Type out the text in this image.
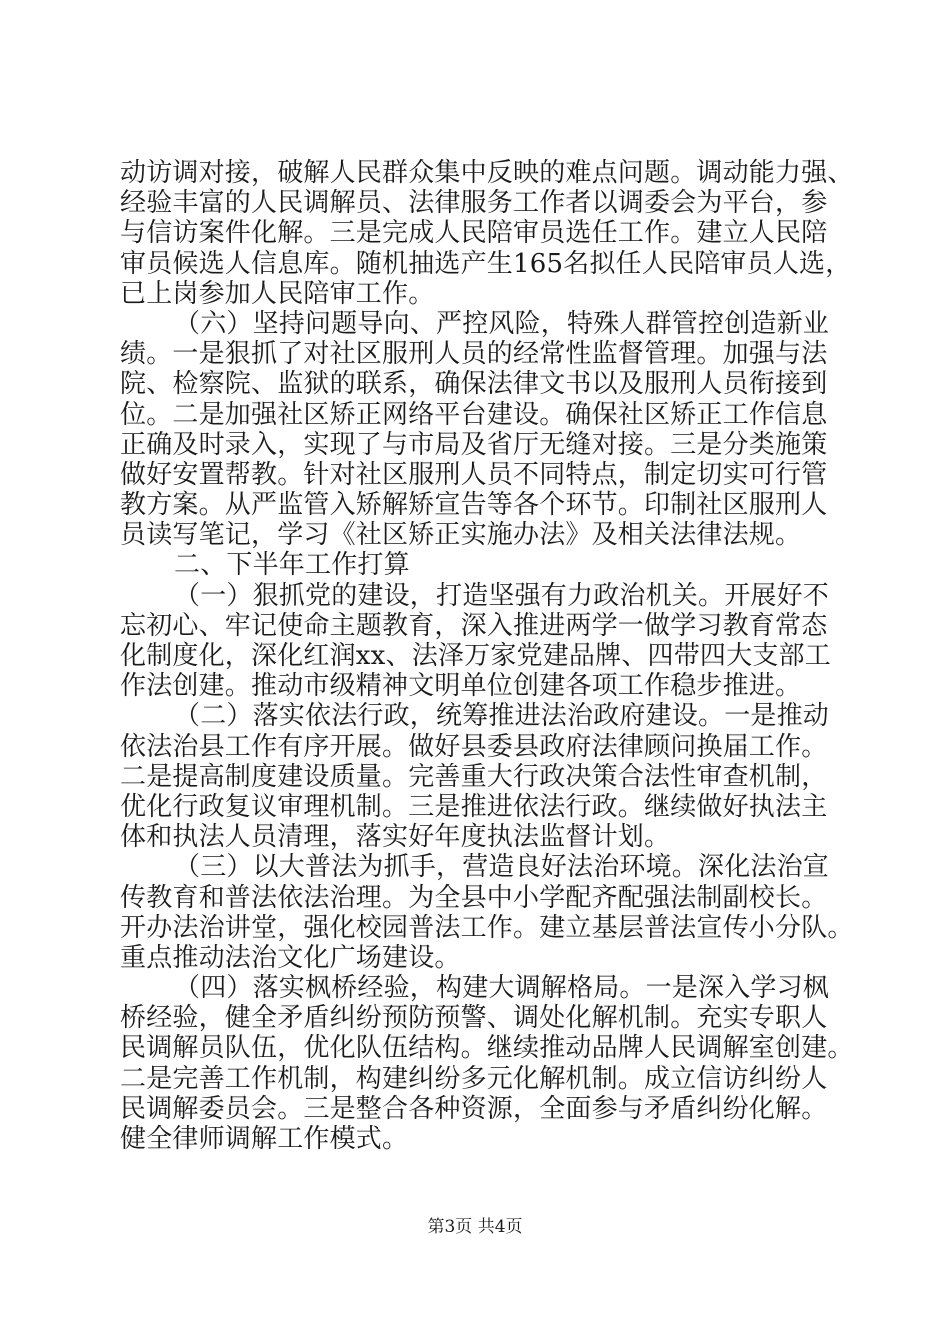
动访调对接，破解人民群众集中反映的难点问题。调动能力强、
经验丰富的人民调解员、法律服务工作者以调委会为平台，参
与信访案件化解。三是完成人民陪审员选任工作。建立人民陪
审员候选人信息库。随机抽选产生165名拟任人民陪审员人选，
已上岗参加人民陪审工作。
（六）坚持问题导向、严控风险，特殊人群管控创造新业
绩。一是狠抓了对社区服刑人员的经常性监督管理。加强与法
院、检察院、监狱的联系，确保法律文书以及服刑人员衔接到
位。二是加强社区矫正网络平台建设。确保社区矫正工作信息
正确及时录入，实现了与市局及省厅无缝对接。三是分类施策
做好安置帮教。针对社区服刑人员不同特点，制定切实可行管
教方案。从严监管入矫解矫宣告等各个环节。印制社区服刑人
员读写笔记，学习《社区矫正实施办法》及相关法律法规。
二、下半年工作打算
（一）狠抓党的建设，打造坚强有力政治机关。开展好不
忘初心、牢记使命主题教育，深入推进两学一做学习教育常态
化制度化，深化红润xx、法泽万家党建品牌、四带四大支部工
作法创建。推动市级精神文明单位创建各项工作稳步推进。
（二）落实依法行政，统筹推进法治政府建设。一是推动
依法治县工作有序开展。做好县委县政府法律顾问换届工作。
二是提高制度建设质量。完善重大行政决策合法性审查机制，
优化行政复议审理机制。三是推进依法行政。继续做好执法主
体和执法人员清理，落实好年度执法监督计划。
（三）以大普法为抓手，营造良好法治环境。深化法治宣
传教育和普法依法治理。为全县中小学配齐配强法制副校长。
开办法治讲堂，强化校园普法工作。建立基层普法宣传小分队。
重点推动法治文化广场建设。
（四）落实枫桥经验，构建大调解格局。一是深入学习枫
桥经验，健全矛盾纠纷预防预警、调处化解机制。充实专职人
民调解员队伍，优化队伍结构。继续推动品牌人民调解室创建。
二是完善工作机制，构建纠纷多元化解机制。成立信访纠纷人
民调解委员会。三是整合各种资源，全面参与矛盾纠纷化解。
健全律师调解工作模式。
第3页 共4页
